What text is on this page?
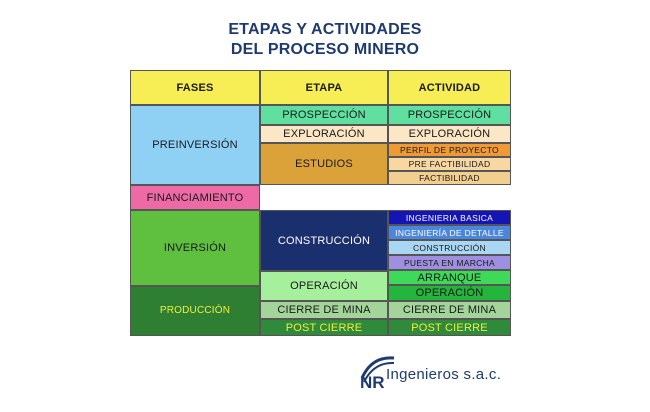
ETAPAS Y ACTIVIDADES
DEL PROCESO MINERO
FASES	ETAPA	ACTIVIDAD
PREINVERSIÓN
FINANCIAMIENTO
INVERSIÓN
PRODUCCIÓN
PROSPECCIÓN
EXPLORACIÓN
ESTUDIOS
CONSTRUCCIÓN
OPERACIÓN
CIERRE DE MINA
POST CIERRE
PROSPECCIÓN
EXPLORACIÓN
PERFIL DE PROYECTO
PRE FACTIBILIDAD
FACTIBILIDAD
INGENIERIA BASICA
INGENIERÍA DE DETALLE
CONSTRUCCIÓN
PUESTA EN MARCHA
ARRANQUE
OPERACIÓN
CIERRE DE MINA
POST CIERRE
NR Ingenieros s.a.c.
